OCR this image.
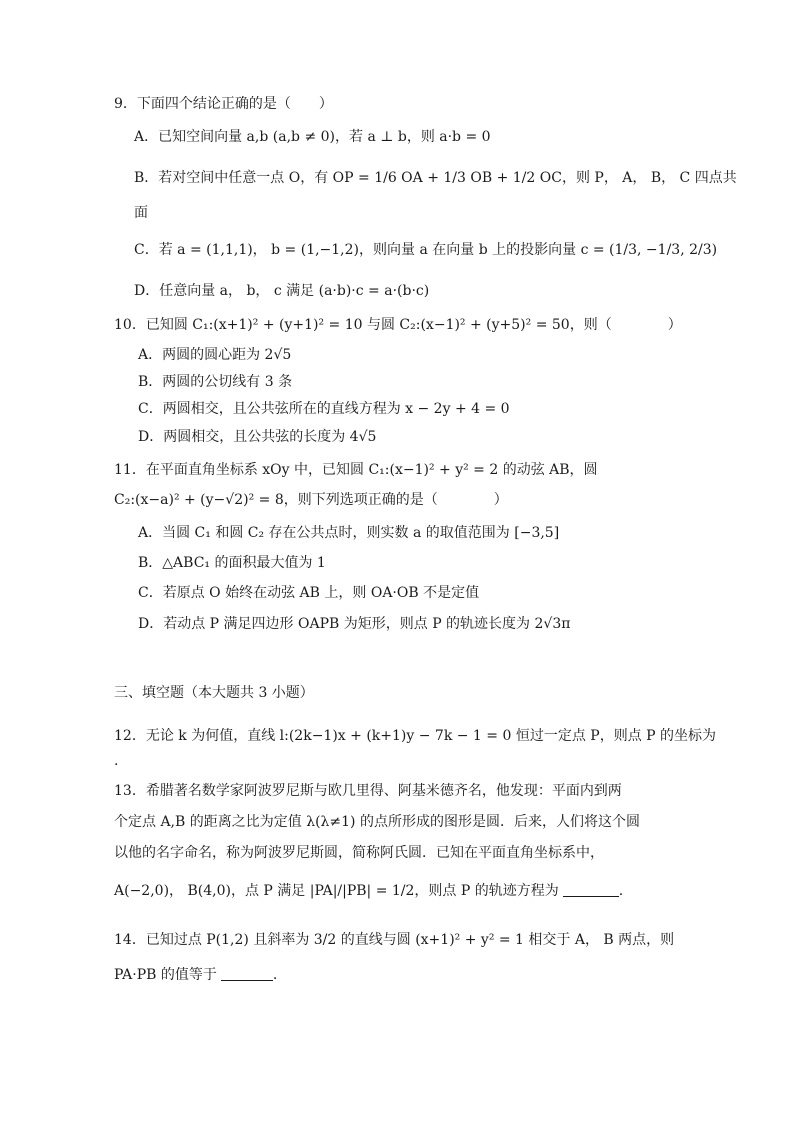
9．下面四个结论正确的是（　　）
A．已知空间向量 a,b (a,b ≠ 0)，若 a ⊥ b，则 a·b = 0
B．若对空间中任意一点 O，有 OP = 1/6 OA + 1/3 OB + 1/2 OC，则 P， A， B， C 四点共
面
C．若 a = (1,1,1)， b = (1,−1,2)，则向量 a 在向量 b 上的投影向量 c = (1/3, −1/3, 2/3)
D．任意向量 a， b， c 满足 (a·b)·c = a·(b·c)
10．已知圆 C₁:(x+1)² + (y+1)² = 10 与圆 C₂:(x−1)² + (y+5)² = 50，则（　　　　）
A．两圆的圆心距为 2√5
B．两圆的公切线有 3 条
C．两圆相交，且公共弦所在的直线方程为 x − 2y + 4 = 0
D．两圆相交，且公共弦的长度为 4√5
11．在平面直角坐标系 xOy 中，已知圆 C₁:(x−1)² + y² = 2 的动弦 AB，圆
C₂:(x−a)² + (y−√2)² = 8，则下列选项正确的是（　　　　）
A．当圆 C₁ 和圆 C₂ 存在公共点时，则实数 a 的取值范围为 [−3,5]
B．△ABC₁ 的面积最大值为 1
C．若原点 O 始终在动弦 AB 上，则 OA·OB 不是定值
D．若动点 P 满足四边形 OAPB 为矩形，则点 P 的轨迹长度为 2√3π
三、填空题（本大题共 3 小题）
12．无论 k 为何值，直线 l:(2k−1)x + (k+1)y − 7k − 1 = 0 恒过一定点 P，则点 P 的坐标为
.
13．希腊著名数学家阿波罗尼斯与欧几里得、阿基米德齐名，他发现：平面内到两
个定点 A,B 的距离之比为定值 λ(λ≠1) 的点所形成的图形是圆．后来，人们将这个圆
以他的名字命名，称为阿波罗尼斯圆，简称阿氏圆．已知在平面直角坐标系中，
A(−2,0)， B(4,0)，点 P 满足 |PA|/|PB| = 1/2，则点 P 的轨迹方程为	.
14．已知过点 P(1,2) 且斜率为 3/2 的直线与圆 (x+1)² + y² = 1 相交于 A， B 两点，则
PA·PB 的值等于	.
